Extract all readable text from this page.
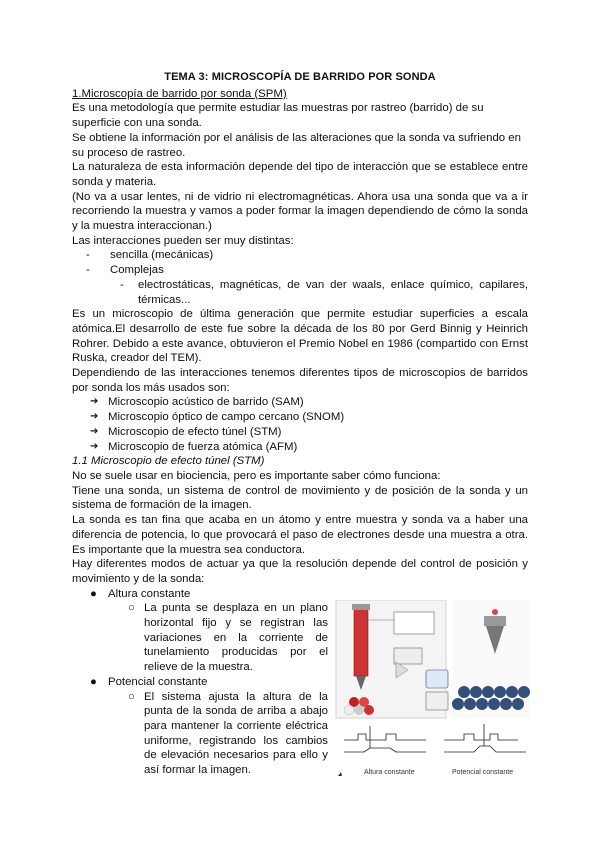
TEMA 3: MICROSCOPÍA DE BARRIDO POR SONDA
1.Microscopía de barrido por sonda (SPM)

Es una metodología que permite estudiar las muestras por rastreo (barrido) de su superficie con una sonda.

Se obtiene la información por el análisis de las alteraciones que la sonda va sufriendo en su proceso de rastreo.

La naturaleza de esta información depende del tipo de interacción que se establece entre sonda y materia.

(No va a usar lentes, ni de vidrio ni electromagnéticas. Ahora usa una sonda que va a ir recorriendo la muestra y vamos a poder formar la imagen dependiendo de cómo la sonda y la muestra interaccionan.)

Las interacciones pueden ser muy distintas:

- sencilla (mecánicas)
- Complejas
- electrostáticas, magnéticas, de van der waals, enlace químico, capilares, térmicas...

Es un microscopio de última generación que permite estudiar superficies a escala atómica.El desarrollo de este fue sobre la década de los 80 por Gerd Binnig y Heinrich Rohrer. Debido a este avance, obtuvieron el Premio Nobel en 1986 (compartido con Ernst Ruska, creador del TEM).

Dependiendo de las interacciones tenemos diferentes tipos de microscopios de barridos por sonda los más usados son:

➔ Microscopio acústico de barrido (SAM)
➔ Microscopio óptico de campo cercano (SNOM)
➔ Microscopio de efecto túnel (STM)
➔ Microscopio de fuerza atómica (AFM)
1.1 Microscopio de efecto túnel (STM)

No se suele usar en biociencia, pero es importante saber cómo funciona:

Tiene una sonda, un sistema de control de movimiento y de posición de la sonda y un sistema de formación de la imagen.

La sonda es tan fina que acaba en un átomo y entre muestra y sonda va a haber una diferencia de potencia, lo que provocará el paso de electrones desde una muestra a otra. Es importante que la muestra sea conductora.

Hay diferentes modos de actuar ya que la resolución depende del control de posición y movimiento y de la sonda:

● Altura constante
○ La punta se desplaza en un plano horizontal fijo y se registran las variaciones en la corriente de tunelamiento producidas por el relieve de la muestra.
● Potencial constante
○ El sistema ajusta la altura de la punta de la sonda de arriba a abajo para mantener la corriente eléctrica uniforme, registrando los cambios de elevación necesarios para ello y así formar la imagen.	Altura constante	Potencial constante
